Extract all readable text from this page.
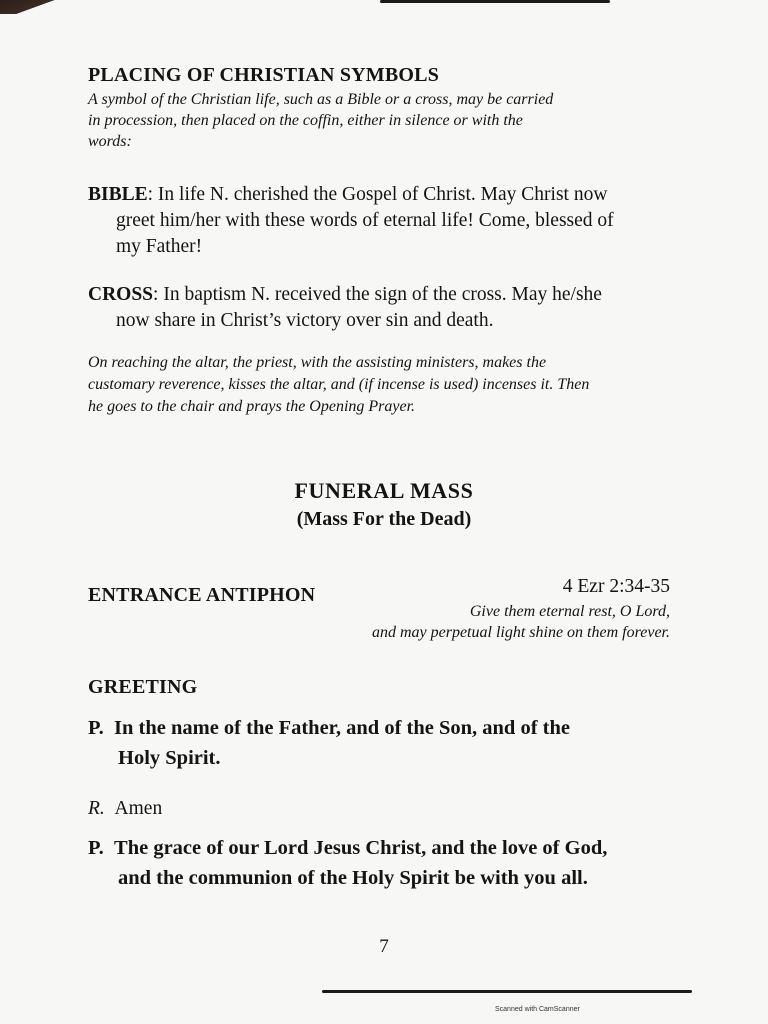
PLACING OF CHRISTIAN SYMBOLS
A symbol of the Christian life, such as a Bible or a cross, may be carried
in procession, then placed on the coffin, either in silence or with the
words:
BIBLE: In life N. cherished the Gospel of Christ. May Christ now
greet him/her with these words of eternal life! Come, blessed of
my Father!
CROSS: In baptism N. received the sign of the cross. May he/she
now share in Christ’s victory over sin and death.
On reaching the altar, the priest, with the assisting ministers, makes the
customary reverence, kisses the altar, and (if incense is used) incenses it. Then
he goes to the chair and prays the Opening Prayer.
FUNERAL MASS
(Mass For the Dead)
ENTRANCE ANTIPHON	4 Ezr 2:34-35
Give them eternal rest, O Lord,
and may perpetual light shine on them forever.
GREETING
P. In the name of the Father, and of the Son, and of the
Holy Spirit.
R. Amen
P. The grace of our Lord Jesus Christ, and the love of God,
and the communion of the Holy Spirit be with you all.
7
Scanned with CamScanner
